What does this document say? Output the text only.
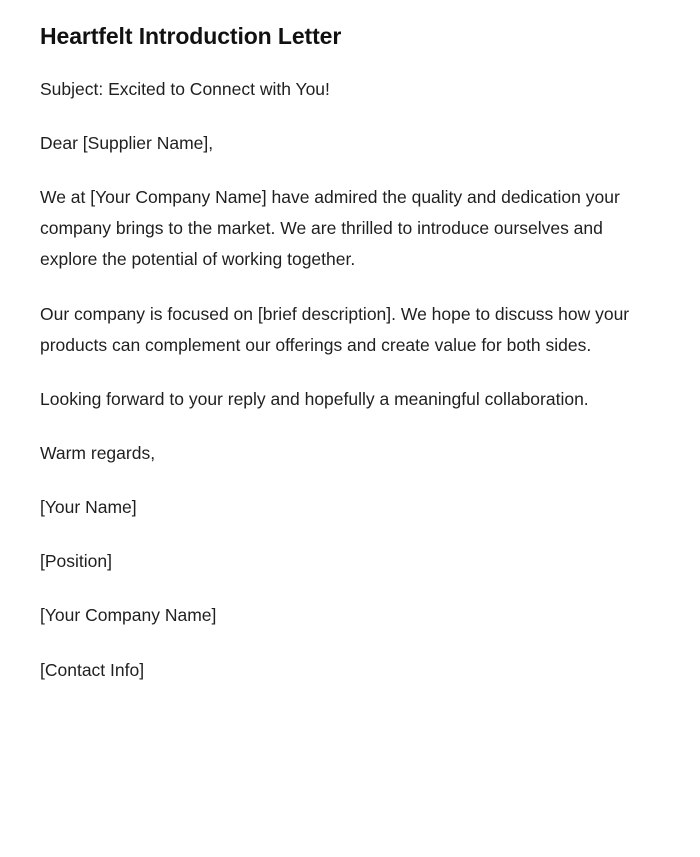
Heartfelt Introduction Letter

Subject: Excited to Connect with You!

Dear [Supplier Name],

We at [Your Company Name] have admired the quality and dedication your company brings to the market. We are thrilled to introduce ourselves and explore the potential of working together.

Our company is focused on [brief description]. We hope to discuss how your products can complement our offerings and create value for both sides.

Looking forward to your reply and hopefully a meaningful collaboration.

Warm regards,

[Your Name]

[Position]

[Your Company Name]

[Contact Info]
